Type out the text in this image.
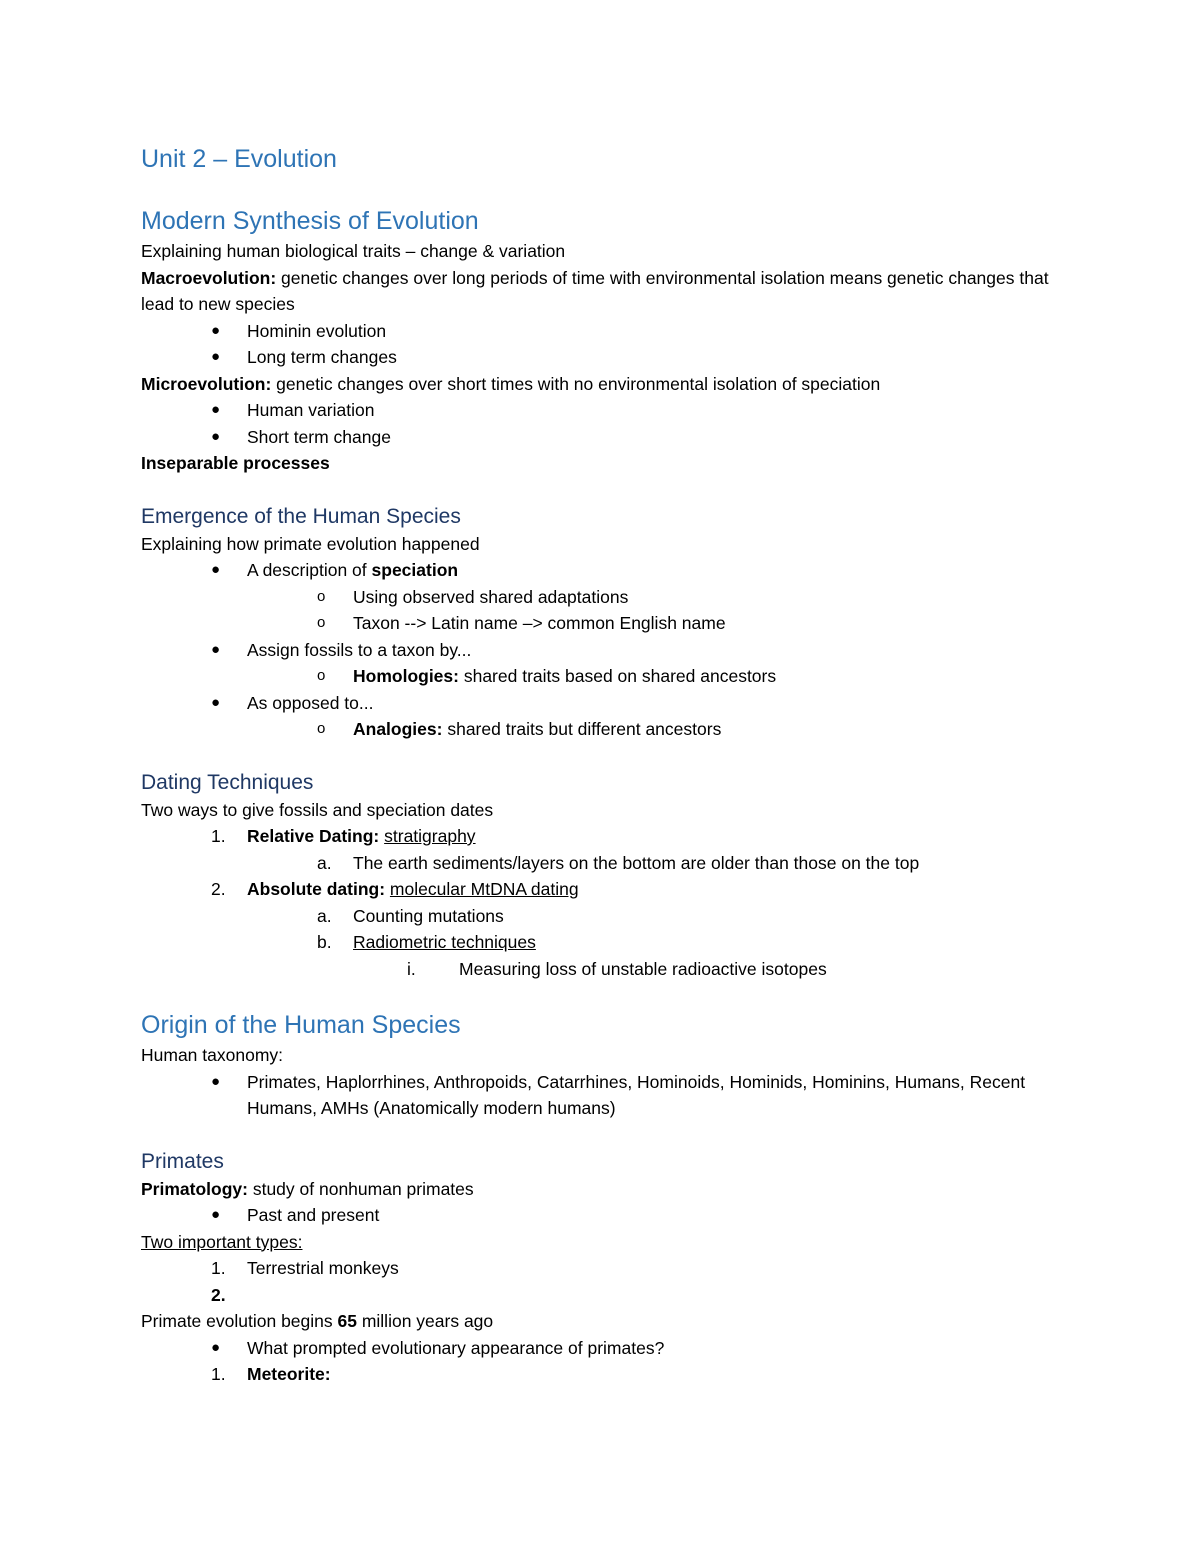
Unit 2 – Evolution
Modern Synthesis of Evolution

Explaining human biological traits – change & variation

Macroevolution: genetic changes over long periods of time with environmental isolation means genetic changes that lead to new species

● Hominin evolution
● Long term changes

Microevolution: genetic changes over short times with no environmental isolation of speciation

● Human variation
● Short term change

Inseparable processes

Emergence of the Human Species

Explaining how primate evolution happened

● A description of speciation
o Using observed shared adaptations
o Taxon --> Latin name –> common English name
● Assign fossils to a taxon by...
o Homologies: shared traits based on shared ancestors
● As opposed to...
o Analogies: shared traits but different ancestors
Dating Techniques

Two ways to give fossils and speciation dates

1. Relative Dating: stratigraphy
a. The earth sediments/layers on the bottom are older than those on the top
2. Absolute dating: molecular MtDNA dating
a. Counting mutations
b. Radiometric techniques
i. Measuring loss of unstable radioactive isotopes
Origin of the Human Species

Human taxonomy:

● Primates, Haplorrhines, Anthropoids, Catarrhines, Hominoids, Hominids, Hominins, Humans, Recent Humans, AMHs (Anatomically modern humans)
Primates

Primatology: study of nonhuman primates

● Past and present

Two important types:

1. Terrestrial monkeys
2.

Primate evolution begins 65 million years ago

● What prompted evolutionary appearance of primates?
1. Meteorite:
